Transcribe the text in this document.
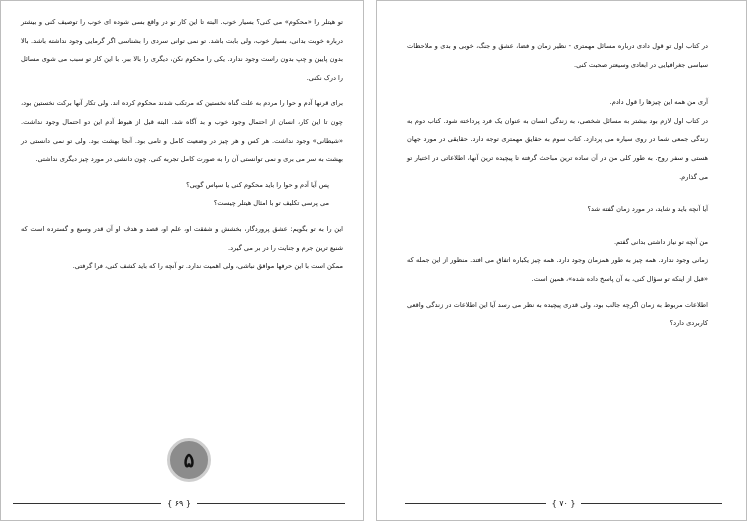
تو هیتلر را «محکوم» می کنی؟ بسیار خوب. البته تا این کار تو در واقع بسی شوده ای خوب را توصیف کنی و بیشتر درباره خوبت بدانی، بسیار خوب، ولی بابت باشد. تو نمی توانی سردی را بشناسی اگر گرمایی وجود نداشته باشد. بالا بدون پایین و چپ بدون راست وجود ندارد. یکی را محکوم نکن، دیگری را بالا ببر. با این کار تو سبب می شوی مسائل را درک نکنی.

برای قرنها آدم و حوا را مردم به علت گناه نخستین که مرتکب شدند محکوم کرده اند. ولی تکار آنها برکت نخستین بود، چون تا این کار، انسان از احتمال وجود خوب و بد آگاه شد. البته قبل از هبوط آدم این دو احتمال وجود نداشت. «شیطانی» وجود نداشت. هر کس و هر چیز در وضعیت کامل و تامی بود. آنجا بهشت بود. ولی تو نمی دانستی در بهشت به سر می بری و نمی توانستی آن را به صورت کامل تجربه کنی. چون دانشی در مورد چیز دیگری نداشتی.

پس آیا آدم و حوا را باید محکوم کنی یا سپاس گویی؟

می پرسی تکلیف تو با امثال هیتلر چیست؟

این را به تو بگویم: عشق پروردگار، بخشش و شفقت او، علم او، قصد و هدف او آن قدر وسیع و گسترده است که شنیع ترین جرم و جنایت را در بر می گیرد.

ممکن است با این حرفها موافق نباشی، ولی اهمیت ندارد. تو آنچه را که باید کشف کنی، فرا گرفتی.

۵
{ ۶۹ }

در کتاب اول تو قول دادی درباره مسائل مهمتری - نظیر زمان و فضا، عشق و جنگ، خوبی و بدی و ملاحظات سیاسی جغرافیایی در ابعادی وسیعتر صحبت کنی.

آری من همه این چیزها را قول دادم.

در کتاب اول لازم بود بیشتر به مسائل شخصی، به زندگی انسان به عنوان یک فرد پرداخته شود. کتاب دوم به زندگی جمعی شما در روی سیاره می پردازد. کتاب سوم به حقایق مهمتری توجه دارد. حقایقی در مورد جهان هستی و سفر روح. به طور کلی من در آن ساده ترین مباحث گرفته تا پیچیده ترین آنها، اطلاعاتی در اختیار تو می گذارم.

آیا آنچه باید و شاید، در مورد زمان گفته شد؟

من آنچه تو نیاز داشتی بدانی گفتم.

زمانی وجود ندارد. همه چیز به طور همزمان وجود دارد. همه چیز یکباره اتفاق می افتد. منظور از این جمله که «قبل از اینکه تو سؤال کنی، به آن پاسخ داده شده»، همین است.

اطلاعات مربوط به زمان اگرچه جالب بود، ولی قدری پیچیده به نظر می رسد آیا این اطلاعات در زندگی واقعی کاربردی دارد؟

{ ۷۰ }
